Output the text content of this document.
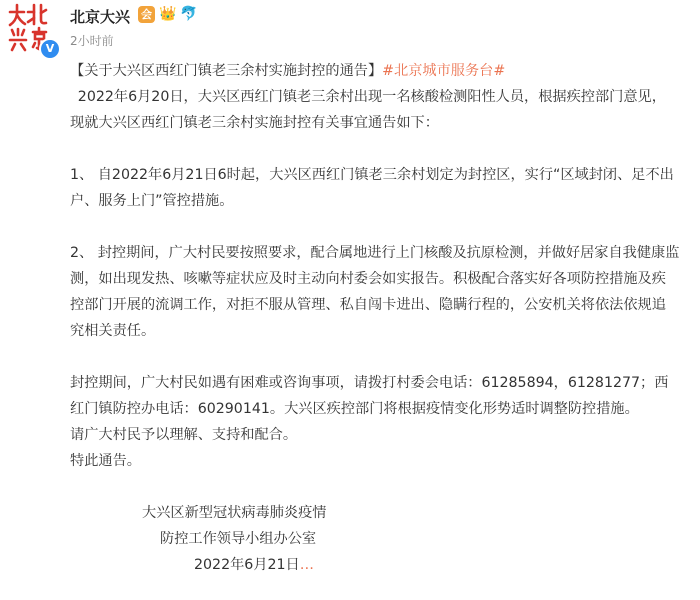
V
北京大兴 会 👑 🐬
2小时前

【关于大兴区西红门镇老三余村实施封控的通告】#北京城市服务台#

2022年6月20日，大兴区西红门镇老三余村出现一名核酸检测阳性人员，根据疾控部门意见，现就大兴区西红门镇老三余村实施封控有关事宜通告如下：

1、 自2022年6月21日6时起，大兴区西红门镇老三余村划定为封控区，实行“区域封闭、足不出户、服务上门”管控措施。

2、 封控期间，广大村民要按照要求，配合属地进行上门核酸及抗原检测，并做好居家自我健康监测，如出现发热、咳嗽等症状应及时主动向村委会如实报告。积极配合落实好各项防控措施及疾控部门开展的流调工作，对拒不服从管理、私自闯卡进出、隐瞒行程的，公安机关将依法依规追究相关责任。

封控期间，广大村民如遇有困难或咨询事项，请拨打村委会电话：61285894，61281277；西红门镇防控办电话：60290141。大兴区疾控部门将根据疫情变化形势适时调整防控措施。

请广大村民予以理解、支持和配合。

特此通告。

大兴区新型冠状病毒肺炎疫情

防控工作领导小组办公室

2022年6月21日…
